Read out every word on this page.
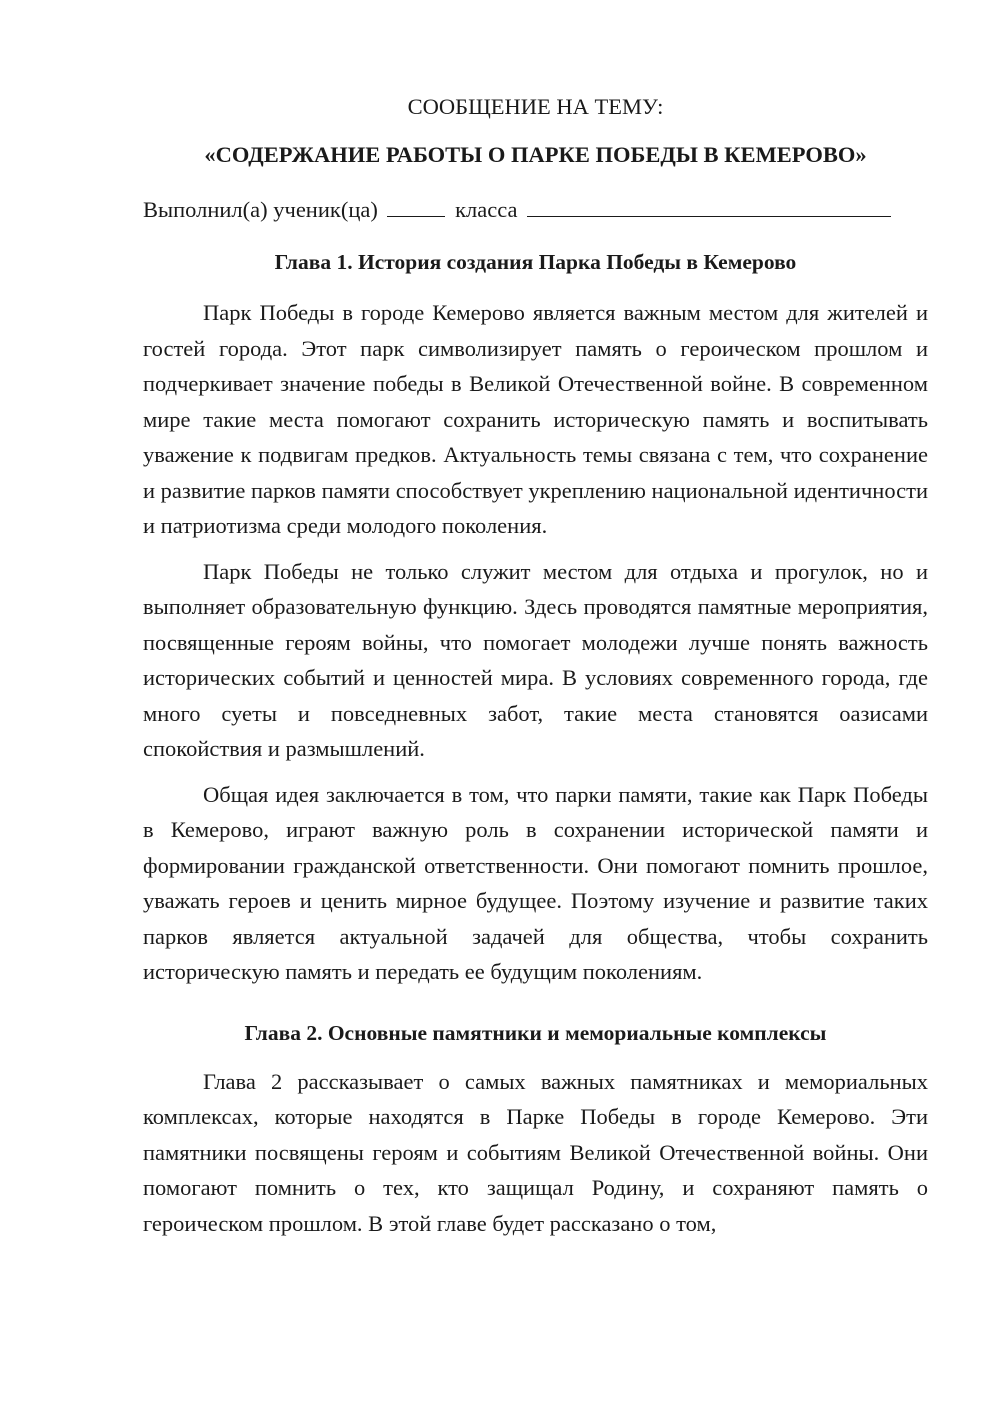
СООБЩЕНИЕ НА ТЕМУ:

«СОДЕРЖАНИЕ РАБОТЫ О ПАРКЕ ПОБЕДЫ В КЕМЕРОВО»

Выполнил(а) ученик(ца)	класса
Глава 1. История создания Парка Победы в Кемерово

Парк Победы в городе Кемерово является важным местом для жителей и гостей города. Этот парк символизирует память о героическом прошлом и подчеркивает значение победы в Великой Отечественной войне. В современном мире такие места помогают сохранить историческую память и воспитывать уважение к подвигам предков. Актуальность темы связана с тем, что сохранение и развитие парков памяти способствует укреплению национальной идентичности и патриотизма среди молодого поколения.

Парк Победы не только служит местом для отдыха и прогулок, но и выполняет образовательную функцию. Здесь проводятся памятные мероприятия, посвященные героям войны, что помогает молодежи лучше понять важность исторических событий и ценностей мира. В условиях современного города, где много суеты и повседневных забот, такие места становятся оазисами спокойствия и размышлений.

Общая идея заключается в том, что парки памяти, такие как Парк Победы в Кемерово, играют важную роль в сохранении исторической памяти и формировании гражданской ответственности. Они помогают помнить прошлое, уважать героев и ценить мирное будущее. Поэтому изучение и развитие таких парков является актуальной задачей для общества, чтобы сохранить историческую память и передать ее будущим поколениям.

Глава 2. Основные памятники и мемориальные комплексы

Глава 2 рассказывает о самых важных памятниках и мемориальных комплексах, которые находятся в Парке Победы в городе Кемерово. Эти памятники посвящены героям и событиям Великой Отечественной войны. Они помогают помнить о тех, кто защищал Родину, и сохраняют память о героическом прошлом. В этой главе будет рассказано о том,
